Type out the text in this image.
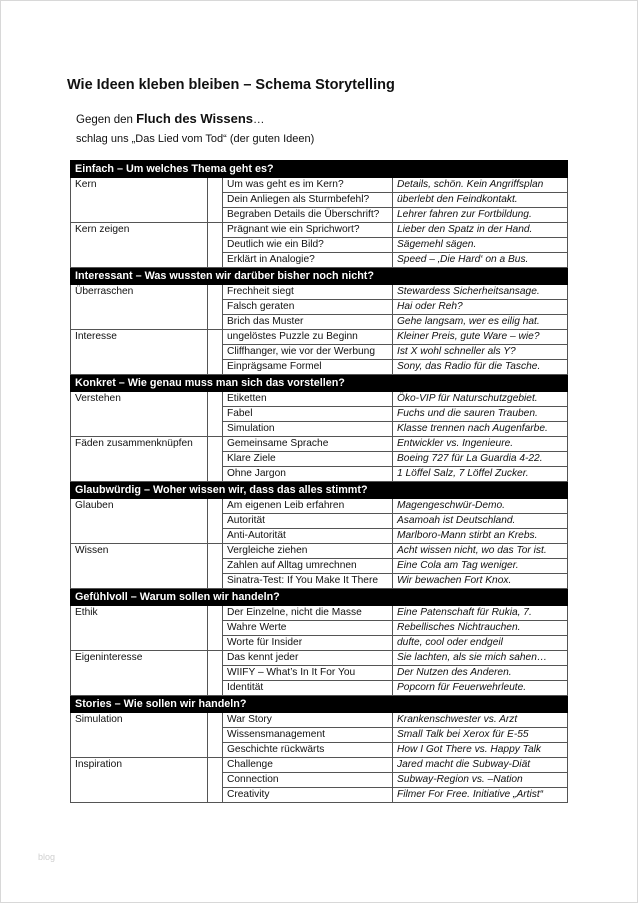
Wie Ideen kleben bleiben – Schema Storytelling

Gegen den Fluch des Wissens…

schlag uns „Das Lied vom Tod“ (der guten Ideen)

Einfach – Um welches Thema geht es?			
Kern		Um was geht es im Kern?	Details, schön. Kein Angriffsplan
		Dein Anliegen als Sturmbefehl?	überlebt den Feindkontakt.
		Begraben Details die Überschrift?	Lehrer fahren zur Fortbildung.
Kern zeigen		Prägnant wie ein Sprichwort?	Lieber den Spatz in der Hand.
		Deutlich wie ein Bild?	Sägemehl sägen.
		Erklärt in Analogie?	Speed – ‚Die Hard‘ on a Bus.
Interessant – Was wussten wir darüber bisher noch nicht?			
Überraschen		Frechheit siegt	Stewardess Sicherheitsansage.
		Falsch geraten	Hai oder Reh?
		Brich das Muster	Gehe langsam, wer es eilig hat.
Interesse		ungelöstes Puzzle zu Beginn	Kleiner Preis, gute Ware – wie?
		Cliffhanger, wie vor der Werbung	Ist X wohl schneller als Y?
		Einprägsame Formel	Sony, das Radio für die Tasche.
Konkret – Wie genau muss man sich das vorstellen?			
Verstehen		Etiketten	Öko-VIP für Naturschutzgebiet.
		Fabel	Fuchs und die sauren Trauben.
		Simulation	Klasse trennen nach Augenfarbe.
Fäden zusammenknüpfen		Gemeinsame Sprache	Entwickler vs. Ingenieure.
		Klare Ziele	Boeing 727 für La Guardia 4-22.
		Ohne Jargon	1 Löffel Salz, 7 Löffel Zucker.
Glaubwürdig – Woher wissen wir, dass das alles stimmt?			
Glauben		Am eigenen Leib erfahren	Magengeschwür-Demo.
		Autorität	Asamoah ist Deutschland.
		Anti-Autorität	Marlboro-Mann stirbt an Krebs.
Wissen		Vergleiche ziehen	Acht wissen nicht, wo das Tor ist.
		Zahlen auf Alltag umrechnen	Eine Cola am Tag weniger.
		Sinatra-Test: If You Make It There	Wir bewachen Fort Knox.
Gefühlvoll – Warum sollen wir handeln?			
Ethik		Der Einzelne, nicht die Masse	Eine Patenschaft für Rukia, 7.
		Wahre Werte	Rebellisches Nichtrauchen.
		Worte für Insider	dufte, cool oder endgeil
Eigeninteresse		Das kennt jeder	Sie lachten, als sie mich sahen…
		WIIFY – What’s In It For You	Der Nutzen des Anderen.
		Identität	Popcorn für Feuerwehrleute.
Stories – Wie sollen wir handeln?			
Simulation		War Story	Krankenschwester vs. Arzt
		Wissensmanagement	Small Talk bei Xerox für E-55
		Geschichte rückwärts	How I Got There vs. Happy Talk
Inspiration		Challenge	Jared macht die Subway-Diät
		Connection	Subway-Region vs. –Nation
		Creativity	Filmer For Free. Initiative „Artist“
blog
